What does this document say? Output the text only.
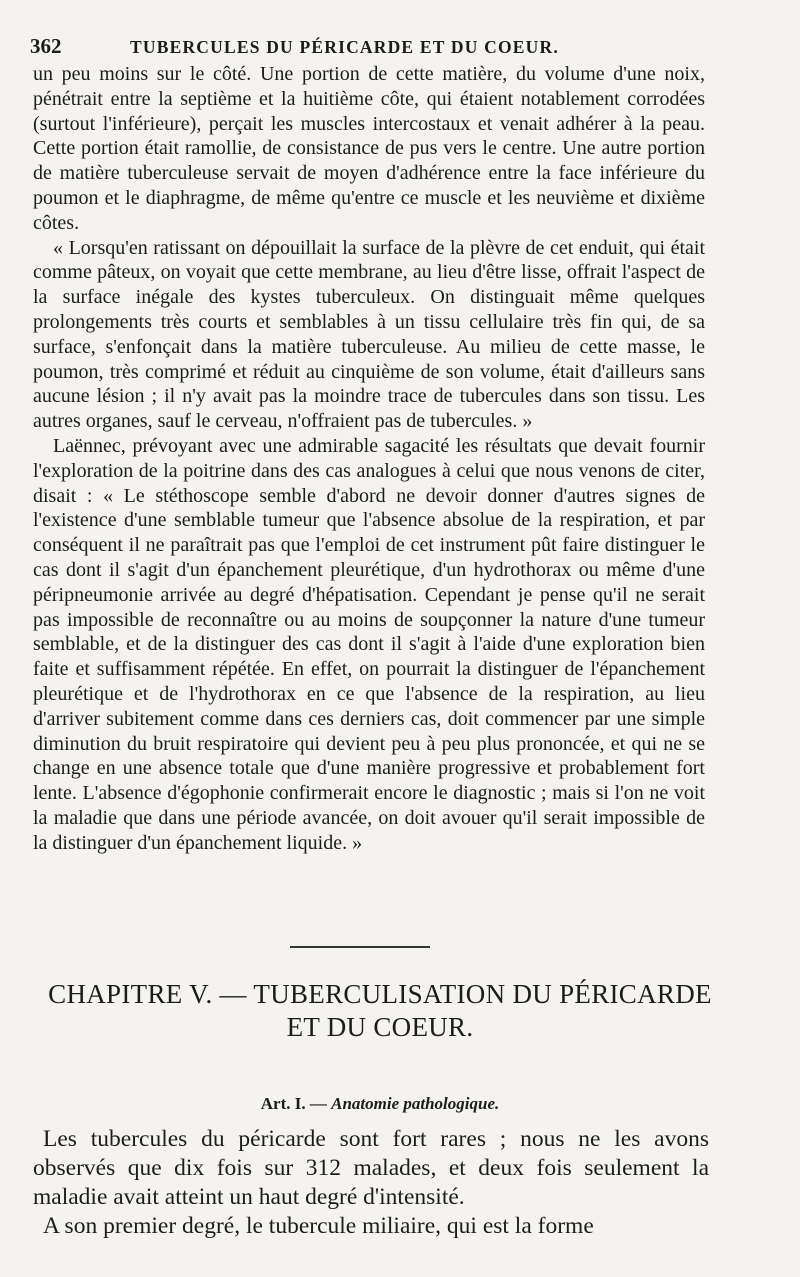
362	TUBERCULES DU PÉRICARDE ET DU COEUR.

un peu moins sur le côté. Une portion de cette matière, du volume d'une noix, pénétrait entre la septième et la huitième côte, qui étaient notablement corrodées (surtout l'inférieure), perçait les muscles intercostaux et venait adhérer à la peau. Cette portion était ramollie, de consistance de pus vers le centre. Une autre portion de matière tuberculeuse servait de moyen d'adhérence entre la face inférieure du poumon et le diaphragme, de même qu'entre ce muscle et les neuvième et dixième côtes.

« Lorsqu'en ratissant on dépouillait la surface de la plèvre de cet enduit, qui était comme pâteux, on voyait que cette membrane, au lieu d'être lisse, offrait l'aspect de la surface inégale des kystes tuberculeux. On distinguait même quelques prolongements très courts et semblables à un tissu cellulaire très fin qui, de sa surface, s'enfonçait dans la matière tuberculeuse. Au milieu de cette masse, le poumon, très comprimé et réduit au cinquième de son volume, était d'ailleurs sans aucune lésion ; il n'y avait pas la moindre trace de tubercules dans son tissu. Les autres organes, sauf le cerveau, n'offraient pas de tubercules. »

Laënnec, prévoyant avec une admirable sagacité les résultats que devait fournir l'exploration de la poitrine dans des cas analogues à celui que nous venons de citer, disait : « Le stéthoscope semble d'abord ne devoir donner d'autres signes de l'existence d'une semblable tumeur que l'absence absolue de la respiration, et par conséquent il ne paraîtrait pas que l'emploi de cet instrument pût faire distinguer le cas dont il s'agit d'un épanchement pleurétique, d'un hydrothorax ou même d'une péripneumonie arrivée au degré d'hépatisation. Cependant je pense qu'il ne serait pas impossible de reconnaître ou au moins de soupçonner la nature d'une tumeur semblable, et de la distinguer des cas dont il s'agit à l'aide d'une exploration bien faite et suffisamment répétée. En effet, on pourrait la distinguer de l'épanchement pleurétique et de l'hydrothorax en ce que l'absence de la respiration, au lieu d'arriver subitement comme dans ces derniers cas, doit commencer par une simple diminution du bruit respiratoire qui devient peu à peu plus prononcée, et qui ne se change en une absence totale que d'une manière progressive et probablement fort lente. L'absence d'égophonie confirmerait encore le diagnostic ; mais si l'on ne voit la maladie que dans une période avancée, on doit avouer qu'il serait impossible de la distinguer d'un épanchement liquide. »

CHAPITRE V. — TUBERCULISATION DU PÉRICARDE
ET DU COEUR.
Art. I. — Anatomie pathologique.

Les tubercules du péricarde sont fort rares ; nous ne les avons observés que dix fois sur 312 malades, et deux fois seulement la maladie avait atteint un haut degré d'intensité.

A son premier degré, le tubercule miliaire, qui est la forme
